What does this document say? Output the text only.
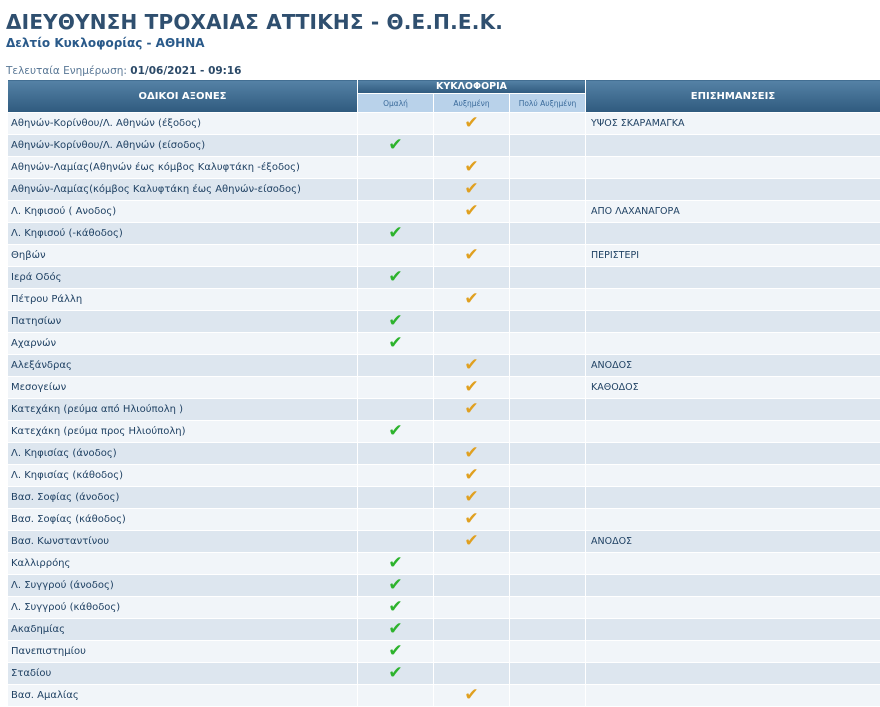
ΔΙΕΥΘΥΝΣΗ ΤΡΟΧΑΙΑΣ ΑΤΤΙΚΗΣ - Θ.Ε.Π.Ε.Κ.
Δελτίο Κυκλοφορίας - ΑΘΗΝΑ
Τελευταία Ενημέρωση: 01/06/2021 - 09:16
ΟΔΙΚΟΙ ΑΞΟΝΕΣ	ΚΥΚΛΟΦΟΡΙΑ			ΕΠΙΣΗΜΑΝΣΕΙΣ
	Ομαλή	Αυξημένη	Πολύ Αυξημένη	
Αθηνών-Κορίνθου/Λ. Αθηνών (έξοδος)		✔		ΥΨΟΣ ΣΚΑΡΑΜΑΓΚΑ
Αθηνών-Κορίνθου/Λ. Αθηνών (είσοδος)	✔			
Αθηνών-Λαμίας(Αθηνών έως κόμβος Καλυφτάκη -έξοδος)		✔		
Αθηνών-Λαμίας(κόμβος Καλυφτάκη έως Αθηνών-είσοδος)		✔		
Λ. Κηφισού ( Ανοδος)		✔		ΑΠΟ ΛΑΧΑΝΑΓΟΡΑ
Λ. Κηφισού (-κάθοδος)	✔			
Θηβών		✔		ΠΕΡΙΣΤΕΡΙ
Ιερά Οδός	✔			
Πέτρου Ράλλη		✔		
Πατησίων	✔			
Αχαρνών	✔			
Αλεξάνδρας		✔		ΑΝΟΔΟΣ
Μεσογείων		✔		ΚΑΘΟΔΟΣ
Κατεχάκη (ρεύμα από Ηλιούπολη )		✔		
Κατεχάκη (ρεύμα προς Ηλιούπολη)	✔			
Λ. Κηφισίας (άνοδος)		✔		
Λ. Κηφισίας (κάθοδος)		✔		
Βασ. Σοφίας (άνοδος)		✔		
Βασ. Σοφίας (κάθοδος)		✔		
Βασ. Κωνσταντίνου		✔		ΑΝΟΔΟΣ
Καλλιρρόης	✔			
Λ. Συγγρού (άνοδος)	✔			
Λ. Συγγρού (κάθοδος)	✔			
Ακαδημίας	✔			
Πανεπιστημίου	✔			
Σταδίου	✔			
Βασ. Αμαλίας		✔		
